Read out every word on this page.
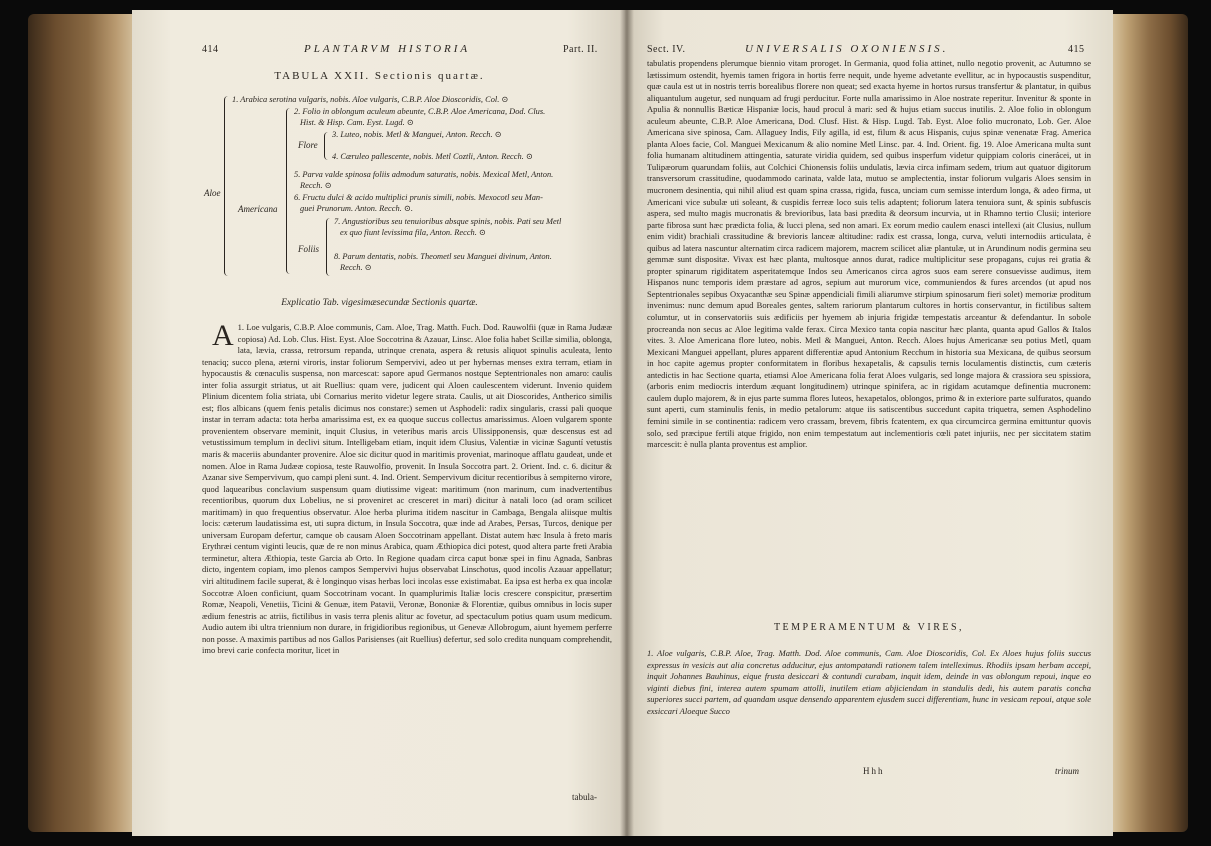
414	PLANTARVM HISTORIA	Part. II.
TABULA XXII. Sectionis quartæ.
Aloe
1. Arabica serotina vulgaris, nobis. Aloe vulgaris, C.B.P. Aloe Dioscoridis, Col. ⊙
Americana
2. Folio in oblongum aculeum abeunte, C.B.P. Aloe Americana, Dod. Clus.
Hist. & Hisp. Cam. Eyst. Lugd. ⊙
Flore
3. Luteo, nobis. Metl & Manguei, Anton. Recch. ⊙
4. Cæruleo pallescente, nobis. Metl Coztli, Anton. Recch. ⊙
5. Parva valde spinosa foliis admodum saturatis, nobis. Mexical Metl, Anton.
Recch. ⊙
6. Fructu dulci & acido multiplici prunis simili, nobis. Mexocotl seu Man-
guei Prunorum. Anton. Recch. ⊙.
Foliis
7. Angustioribus seu tenuioribus absque spinis, nobis. Pati seu Metl
ex quo fiunt levissima fila, Anton. Recch. ⊙
8. Parum dentatis, nobis. Theometl seu Manguei divinum, Anton.
Recch. ⊙
Explicatio Tab. vigesimæsecundæ Sectionis quartæ.
A 1. Loe vulgaris, C.B.P. Aloe communis, Cam. Aloe, Trag. Matth. Fuch. Dod. Rauwolfii (quæ in Rama Judææ copiosa) Ad. Lob. Clus. Hist. Eyst. Aloe Soccotrina & Azauar, Linsc. Aloe folia habet Scillæ similia, oblonga, lata, lævia, crassa, retrorsum repanda, utrinque crenata, aspera & retusis aliquot spinulis aculeata, lento tenaciq; succo plena, æterni viroris, instar foliorum Sempervivi, adeo ut per hybernas menses extra terram, etiam in hypocaustis & cœnaculis suspensa, non marcescat: sapore apud Germanos nostque Septentrionales non amaro: caulis inter folia assurgit striatus, ut ait Ruellius: quam vere, judicent qui Aloen caulescentem viderunt. Invenio quidem Plinium dicentem folia striata, ubi Cornarius merito videtur legere strata. Caulis, ut ait Dioscorides, Antherico similis est; flos albicans (quem fenis petalis dicimus nos constare:) semen ut Asphodeli: radix singularis, crassi pali quoque instar in terram adacta: tota herba amarissima est, ex ea quoque succus collectus amarissimus. Aloen vulgarem sponte provenientem observare meminit, inquit Clusius, in veteribus maris arcis Ulissipponensis, quæ descensus est ad vetustissimum templum in declivi situm. Intelligebam etiam, inquit idem Clusius, Valentiæ in vicinæ Saguntí vetustis maris & maceriis abundanter provenire. Aloe sic dicitur quod in maritimis proveniat, marinoque afflatu gaudeat, unde et nomen. Aloe in Rama Judææ copiosa, teste Rauwolfio, provenit. In Insula Soccotra part. 2. Orient. Ind. c. 6. dicitur & Azanar sive Sempervivum, quo campi pleni sunt. 4. Ind. Orient. Sempervivum dicitur recentioribus à sempiterno virore, quod laquearibus conclavium suspensum quam diutissime vigeat: maritimum (non marinum, cum inadvertentibus recentioribus, quorum dux Lobelius, ne si proveniret ac cresceret in mari) dicitur à natali loco (ad oram scilicet maritimam) in quo frequentius observatur. Aloe herba plurima itidem nascitur in Cambaga, Bengala aliisque multis locis: cæterum laudatissima est, uti supra dictum, in Insula Soccotra, quæ inde ad Arabes, Persas, Turcos, denique per universam Europam defertur, camque ob causam Aloen Soccotrinam appellant. Distat autem hæc Insula à freto maris Erythræi centum viginti leucis, quæ de re non minus Arabica, quam Æthiopica dici potest, quod altera parte freti Arabia terminetur, altera Æthiopia, teste Garcia ab Orto. In Regione quadam circa caput bonæ spei in finu Agnada, Sanbras dicto, ingentem copiam, imo plenos campos Sempervivi hujus observabat Linschotus, quod incolis Azauar appellatur; viri altitudinem facile superat, & è longinquo visas herbas loci incolas esse existimabat. Ea ipsa est herba ex qua incolæ Soccotræ Aloen conficiunt, quam Soccotrinam vocant. In quamplurimis Italiæ locis crescere conspicitur, præsertim Romæ, Neapoli, Venetiis, Ticini & Genuæ, item Patavii, Veronæ, Bononiæ & Florentiæ, quibus omnibus in locis super ædium fenestris ac atriis, fictilibus in vasis terra plenis alitur ac fovetur, ad spectaculum potius quam usum medicum. Audio autem ibi ultra triennium non durare, in frigidioribus regionibus, ut Genevæ Allobrogum, aiunt hyemem perferre non posse. A maximis partibus ad nos Gallos Parisienses (ait Ruellius) defertur, sed solo credita nunquam comprehendit, imo brevi carie confecta moritur, licet in

tabula-
Sect. IV.	UNIVERSALIS OXONIENSIS.	415

tabulatis propendens plerumque biennio vitam proroget. In Germania, quod folia attinet, nullo negotio provenit, ac Autumno se lætissimum ostendit, hyemis tamen frigora in hortis ferre nequit, unde hyeme advetante evellitur, ac in hypocaustis suspenditur, quæ caula est ut in nostris terris borealibus florere non queat; sed exacta hyeme in hortos rursus transfertur & plantatur, in quibus aliquantulum augetur, sed nunquam ad frugi perducitur. Forte nulla amarissimo in Aloe nostrate reperitur. Invenitur & sponte in Apulia & nonnullis Bæticæ Hispaniæ locis, haud procul à mari: sed & hujus etiam succus inutilis. 2. Aloe folio in oblongum aculeum abeunte, C.B.P. Aloe Americana, Dod. Clusf. Hist. & Hisp. Lugd. Tab. Eyst. Aloe folio mucronato, Lob. Ger. Aloe Americana sive spinosa, Cam. Allaguey Indis, Fily agilla, id est, filum & acus Hispanis, cujus spinæ venenatæ Frag. America planta Aloes facie, Col. Manguei Mexicanum & alio nomine Metl Linsc. par. 4. Ind. Orient. fig. 19. Aloe Americana multa sunt folia humanam altitudinem attingentia, saturate viridia quidem, sed quibus insperfum videtur quippiam coloris cinerácei, ut in Tulipæorum quarundam foliis, aut Colchici Chionensis foliis undulatis, lævia circa infimam sedem, trium aut quatuor digitorum transversorum crassitudine, quodammodo carinata, valde lata, mutuo se amplectentia, instar foliorum vulgaris Aloes sensim in mucronem desinentia, qui nihil aliud est quam spina crassa, rigida, fusca, unciam cum semisse interdum longa, & adeo firma, ut Americani vice subulæ uti soleant, & cuspidis ferreæ loco suis telis adaptent; foliorum latera tenuiora sunt, & spinis subfuscis aspera, sed multo magis mucronatis & brevioribus, lata basi prædita & deorsum incurvia, ut in Rhamno tertio Clusii; interiore parte fibrosa sunt hæc prædicta folia, & lucci plena, sed non amari. Ex eorum medio caulem enasci intellexi (ait Clusius, nullum enim vidit) brachiali crassitudine & brevioris lanceæ altitudine: radix est crassa, longa, curva, veluti internodiis articulata, è quibus ad latera nascuntur alternatim circa radicem majorem, macrem scilicet aliæ plantulæ, ut in Arundinum nodis germina seu gemmæ sunt dispositæ. Vivax est hæc planta, multosque annos durat, radice multiplicitur sese propagans, cujus rei gratia & propter spinarum rigiditatem asperitatemque Indos seu Americanos circa agros suos eam serere consuevisse audimus, item Hispanos nunc temporis idem præstare ad agros, sepium aut murorum vice, communiendos & fures arcendos (ut apud nos Septentrionales sepibus Oxyacanthæ seu Spinæ appendiciali fimili aliarumve stirpium spinosarum fieri solet) memoriæ proditum invenimus: nunc demum apud Boreales gentes, saltem rariorum plantarum cultores in hortis conservantur, in fictilibus saltem columtur, ut in conservatoriis suis ædificiis per hyemem ab injuria frigidæ tempestatis arceantur & defendantur. In sobole procreanda non secus ac Aloe legitima valde ferax. Circa Mexico tanta copia nascitur hæc planta, quanta apud Gallos & Italos vites. 3. Aloe Americana flore luteo, nobis. Metl & Manguei, Anton. Recch. Aloes hujus Americanæ seu potius Metl, quam Mexicani Manguei appellant, plures apparent differentiæ apud Antonium Recchum in historia sua Mexicana, de quibus seorsum in hoc capite agemus propter conformitatem in floribus hexapetalis, & capsulis ternis loculamentis distinctis, cum cæteris antedictis in hac Sectione quarta, etiamsi Aloe Americana folia ferat Aloes vulgaris, sed longe majora & crassiora seu spissiora, (arboris enim mediocris interdum æquant longitudinem) utrinque spinifera, ac in rigidam acutamque definentia mucronem: caulem duplo majorem, & in ejus parte summa flores luteos, hexapetalos, oblongos, primo & in exteriore parte sulfuratos, quando sunt aperti, cum staminulis fenis, in medio petalorum: atque iis satiscentibus succedunt capita triquetra, semen Asphodelino femini simile in se continentia: radicem vero crassam, brevem, fibris fcatentem, ex qua circumcirca germina emittuntur quovis solo, sed præcipue fertili atque frigido, non enim tempestatum aut inclementioris cœli patet injuriis, nec per siccitatem statim marcescit: è nulla planta proventus est amplior.

TEMPERAMENTUM & VIRES,

1. Aloe vulgaris, C.B.P. Aloe, Trag. Matth. Dod. Aloe communis, Cam. Aloe Dioscoridis, Col. Ex Aloes hujus foliis succus expressus in vesicis aut alia concretus adducitur, ejus antompatandi rationem talem intelleximus. Rhodiis ipsam herbam accepi, inquit Johannes Bauhinus, eique frusta desiccari & contundi curabam, inquit idem, deinde in vas oblongum repoui, inque eo viginti diebus fini, interea autem spumam attolli, inutilem etiam abjiciendam in standulis dedi, his autem paratis concha superiores succi partem, ad quandam usque densendo apparentem ejusdem succi differentiam, hunc in vesicam repoui, atque sole exsiccari Aloeque Succo

Hhh	trinum
